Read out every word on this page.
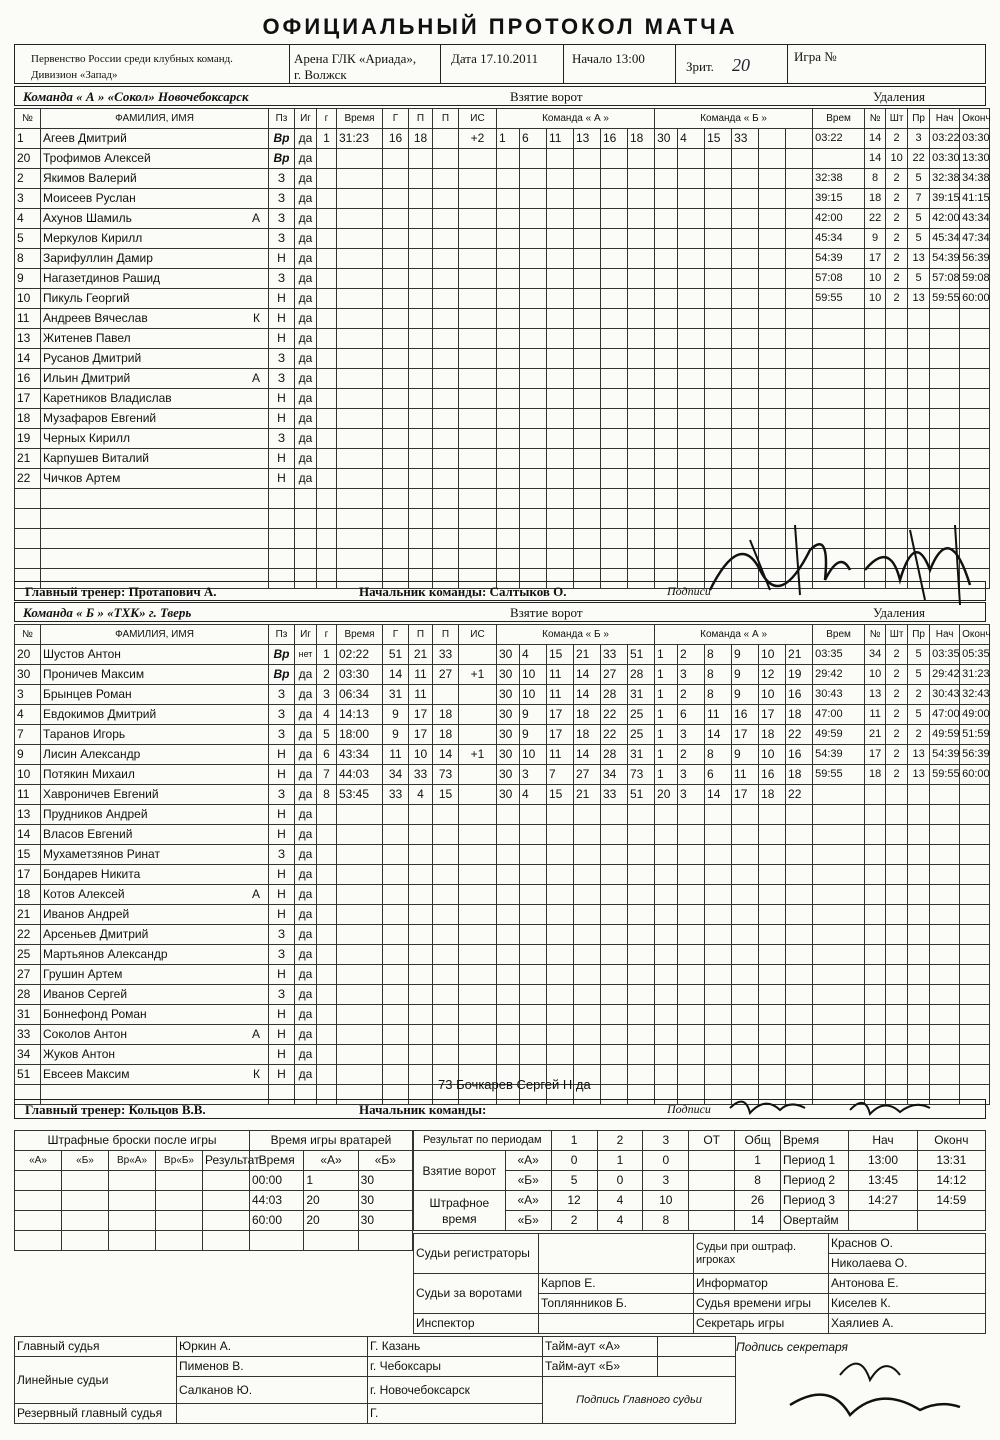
ОФИЦИАЛЬНЫЙ ПРОТОКОЛ МАТЧА
Первенство России среди клубных команд.
Дивизион «Запад»
Арена ГЛК «Ариада»,
г. Волжск
Дата 17.10.2011	Начало 13:00
Зрит. 20	Игра №
Команда « А » «Сокол» Новочебоксарск	Взятие ворот	Удаления
№	ФАМИЛИЯ, ИМЯ	Пз	Иг	г	Время	Г	П	П	ИС	Команда « А »						Команда « Б »						Врем	№	Шт	Пр	Нач	Оконч
1	Агеев Дмитрий	Вр	да	1	31:23	16	18		+2	1	6	11	13	16	18	30	4	15	33			03:22	14	2	3	03:22	03:30
20	Трофимов Алексей	Вр	да																				14	10	22	03:30	13:30
2	Якимов Валерий	З	да																			32:38	8	2	5	32:38	34:38
3	Моисеев Руслан	З	да																			39:15	18	2	7	39:15	41:15
4	Ахунов Шамиль А	З	да																			42:00	22	2	5	42:00	43:34
5	Меркулов Кирилл	З	да																			45:34	9	2	5	45:34	47:34
8	Зарифуллин Дамир	Н	да																			54:39	17	2	13	54:39	56:39
9	Нагазетдинов Рашид	З	да																			57:08	10	2	5	57:08	59:08
10	Пикуль Георгий	Н	да																			59:55	10	2	13	59:55	60:00
11	Андреев Вячеслав К	Н	да																								
13	Житенев Павел	Н	да																								
14	Русанов Дмитрий	З	да																								
16	Ильин Дмитрий А	З	да																								
17	Каретников Владислав	Н	да																								
18	Музафаров Евгений	Н	да																								
19	Черных Кирилл	З	да																								
21	Карпушев Виталий	Н	да																								
22	Чичков Артем	Н	да																								

Главный тренер: Протапович А.	Начальник команды: Салтыков О.	Подписи
Команда « Б » «ТХК» г. Тверь	Взятие ворот	Удаления
№	ФАМИЛИЯ, ИМЯ	Пз	Иг	г	Время	Г	П	П	ИС	Команда « Б »						Команда « А »						Врем	№	Шт	Пр	Нач	Оконч
20	Шустов Антон	Вр	нет	1	02:22	51	21	33		30	4	15	21	33	51	1	2	8	9	10	21	03:35	34	2	5	03:35	05:35
30	Проничев Максим	Вр	да	2	03:30	14	11	27	+1	30	10	11	14	27	28	1	3	8	9	12	19	29:42	10	2	5	29:42	31:23
3	Брынцев Роман	З	да	3	06:34	31	11			30	10	11	14	28	31	1	2	8	9	10	16	30:43	13	2	2	30:43	32:43
4	Евдокимов Дмитрий	З	да	4	14:13	9	17	18		30	9	17	18	22	25	1	6	11	16	17	18	47:00	11	2	5	47:00	49:00
7	Таранов Игорь	З	да	5	18:00	9	17	18		30	9	17	18	22	25	1	3	14	17	18	22	49:59	21	2	2	49:59	51:59
9	Лисин Александр	Н	да	6	43:34	11	10	14	+1	30	10	11	14	28	31	1	2	8	9	10	16	54:39	17	2	13	54:39	56:39
10	Потякин Михаил	Н	да	7	44:03	34	33	73		30	3	7	27	34	73	1	3	6	11	16	18	59:55	18	2	13	59:55	60:00
11	Хавроничев Евгений	З	да	8	53:45	33	4	15		30	4	15	21	33	51	20	3	14	17	18	22						
13	Прудников Андрей	Н	да																								
14	Власов Евгений	Н	да																								
15	Мухаметзянов Ринат	З	да																								
17	Бондарев Никита	Н	да																								
18	Котов Алексей А	Н	да																								
21	Иванов Андрей	Н	да																								
22	Арсеньев Дмитрий	З	да																								
25	Мартьянов Александр	З	да																								
27	Грушин Артем	Н	да																								
28	Иванов Сергей	З	да																								
31	Боннефонд Роман	Н	да																								
33	Соколов Антон А	Н	да																								
34	Жуков Антон	Н	да																								
51	Евсеев Максим К	Н	да																								

73 Бочкарев Сергей Н да
Главный тренер: Кольцов В.В.	Начальник команды:	Подписи
Штрафные броски после игры				
«А»	«Б»	Вр«А»	Вр«Б»	Результат

Время игры вратарей		
Время	«А»	«Б»
00:00	1	30
44:03	20	30
60:00	20	30

Результат по периодам		1	2	3	ОТ	Общ
Взятие ворот	«А»	0	1	0		1
	«Б»	5	0	3		8
Штрафное время	«А»	12	4	10		26
	«Б»	2	4	8		14
Время	Нач	Оконч
Период 1	13:00	13:31
Период 2	13:45	14:12
Период 3	14:27	14:59
Овертайм		
Судьи регистраторы		Судьи при оштраф. игроках	Краснов О.
			Николаева О.
Судьи за воротами	Карпов Е.	Информатор	Антонова Е.
	Топлянников Б.	Судья времени игры	Киселев К.
Инспектор		Секретарь игры	Хаялиев А.
Главный судья	Юркин А.	Г. Казань	Тайм-аут «А»	
Линейные судьи	Пименов В.	г. Чебоксары	Тайм-аут «Б»	
	Салканов Ю.	г. Новочебоксарск	Подпись Главного судьи	
Резервный главный судья		Г.		
Подпись секретаря
